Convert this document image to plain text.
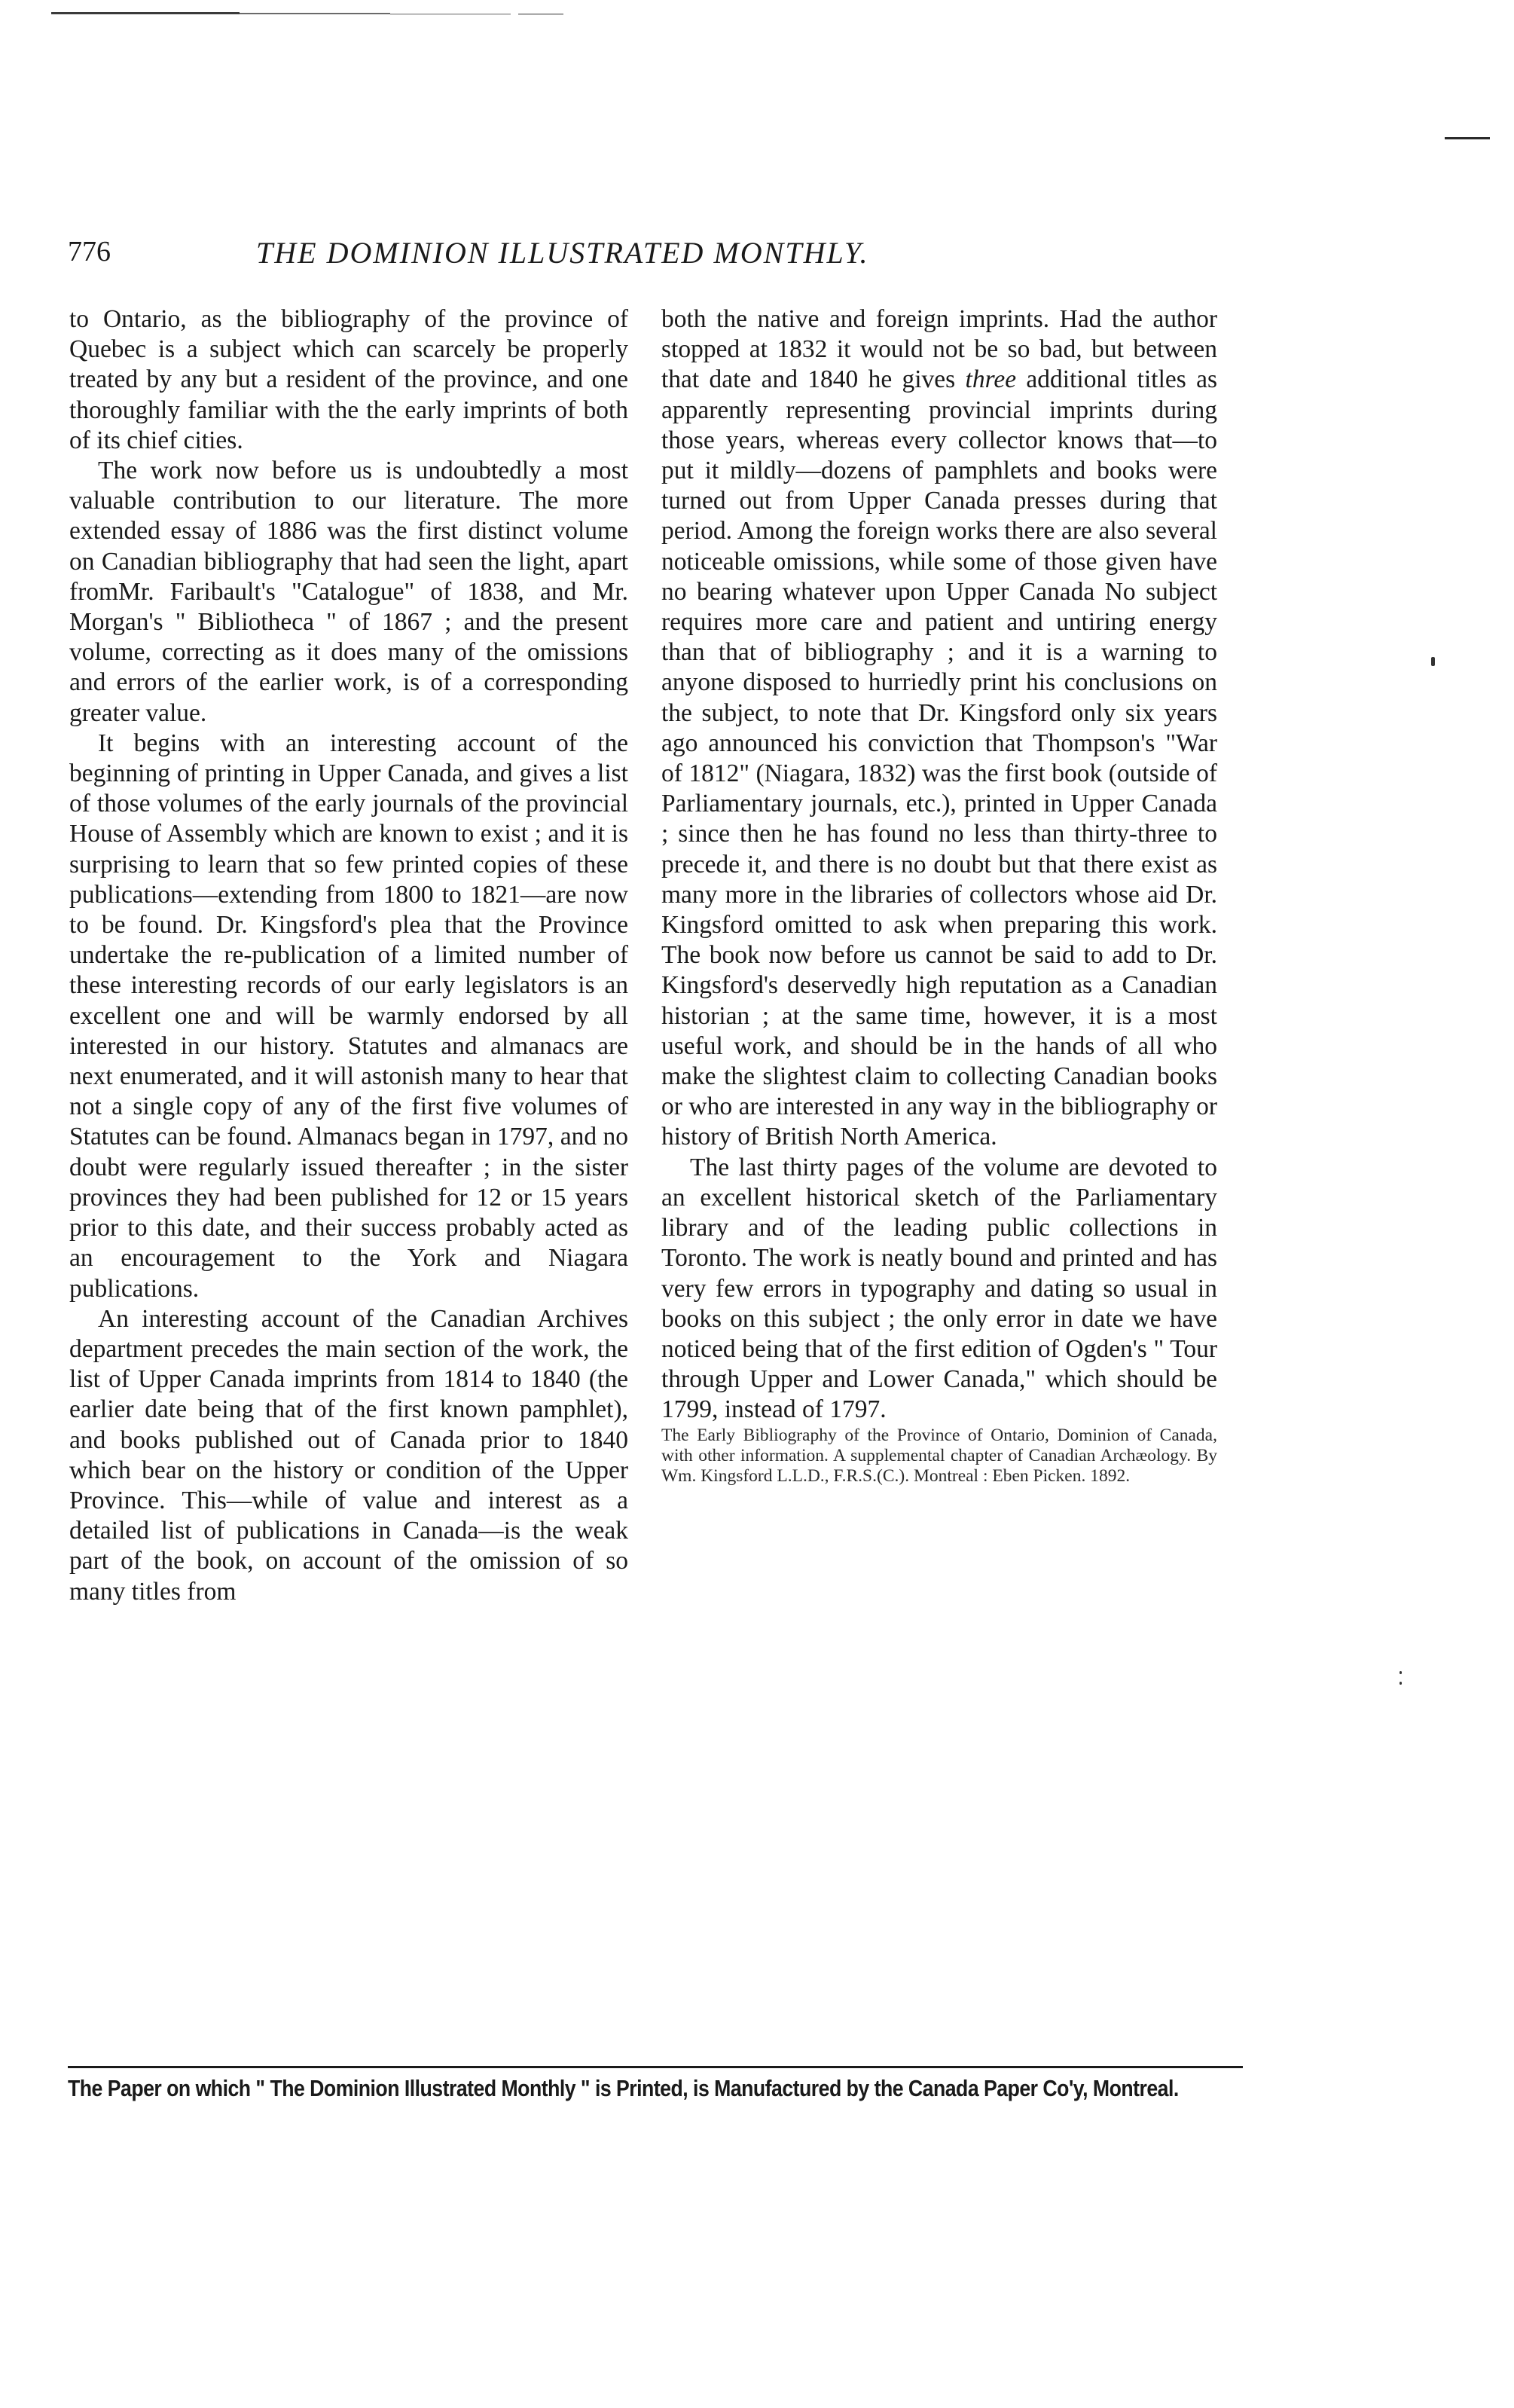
776	THE DOMINION ILLUSTRATED MONTHLY.

to Ontario, as the bibliography of the province of Quebec is a subject which can scarcely be properly treated by any but a resident of the province, and one thoroughly familiar with the the early imprints of both of its chief cities.

The work now before us is undoubtedly a most valuable contribution to our literature. The more extended essay of 1886 was the first distinct volume on Canadian bibliography that had seen the light, apart fromMr. Faribault's "Catalogue" of 1838, and Mr. Morgan's " Bibliotheca " of 1867 ; and the present volume, correcting as it does many of the omissions and errors of the earlier work, is of a corresponding greater value.

It begins with an interesting account of the beginning of printing in Upper Canada, and gives a list of those volumes of the early journals of the provincial House of Assembly which are known to exist ; and it is surprising to learn that so few printed copies of these publications—extending from 1800 to 1821—are now to be found. Dr. Kingsford's plea that the Province undertake the re-publication of a limited number of these interesting records of our early legislators is an excellent one and will be warmly endorsed by all interested in our history. Statutes and almanacs are next enumerated, and it will astonish many to hear that not a single copy of any of the first five volumes of Statutes can be found. Almanacs began in 1797, and no doubt were regularly issued thereafter ; in the sister provinces they had been published for 12 or 15 years prior to this date, and their success probably acted as an encouragement to the York and Niagara publications.

An interesting account of the Canadian Archives department precedes the main section of the work, the list of Upper Canada imprints from 1814 to 1840 (the earlier date being that of the first known pamphlet), and books published out of Canada prior to 1840 which bear on the history or condition of the Upper Province. This—while of value and interest as a detailed list of publications in Canada—is the weak part of the book, on account of the omission of so many titles from

both the native and foreign imprints. Had the author stopped at 1832 it would not be so bad, but between that date and 1840 he gives three additional titles as apparently representing provincial imprints during those years, whereas every collector knows that—to put it mildly—dozens of pamphlets and books were turned out from Upper Canada presses during that period. Among the foreign works there are also several noticeable omissions, while some of those given have no bearing whatever upon Upper Canada No subject requires more care and patient and untiring energy than that of bibliography ; and it is a warning to anyone disposed to hurriedly print his conclusions on the subject, to note that Dr. Kingsford only six years ago announced his conviction that Thompson's "War of 1812" (Niagara, 1832) was the first book (outside of Parliamentary journals, etc.), printed in Upper Canada ; since then he has found no less than thirty-three to precede it, and there is no doubt but that there exist as many more in the libraries of collectors whose aid Dr. Kingsford omitted to ask when preparing this work. The book now before us cannot be said to add to Dr. Kingsford's deservedly high reputation as a Canadian historian ; at the same time, however, it is a most useful work, and should be in the hands of all who make the slightest claim to collecting Canadian books or who are interested in any way in the bibliography or history of British North America.

The last thirty pages of the volume are devoted to an excellent historical sketch of the Parliamentary library and of the leading public collections in Toronto. The work is neatly bound and printed and has very few errors in typography and dating so usual in books on this subject ; the only error in date we have noticed being that of the first edition of Ogden's " Tour through Upper and Lower Canada," which should be 1799, instead of 1797.

The Early Bibliography of the Province of Ontario, Dominion of Canada, with other information. A supplemental chapter of Canadian Archæology. By Wm. Kingsford L.L.D., F.R.S.(C.). Montreal : Eben Picken. 1892.

The Paper on which " The Dominion Illustrated Monthly " is Printed, is Manufactured by the Canada Paper Co'y, Montreal.
